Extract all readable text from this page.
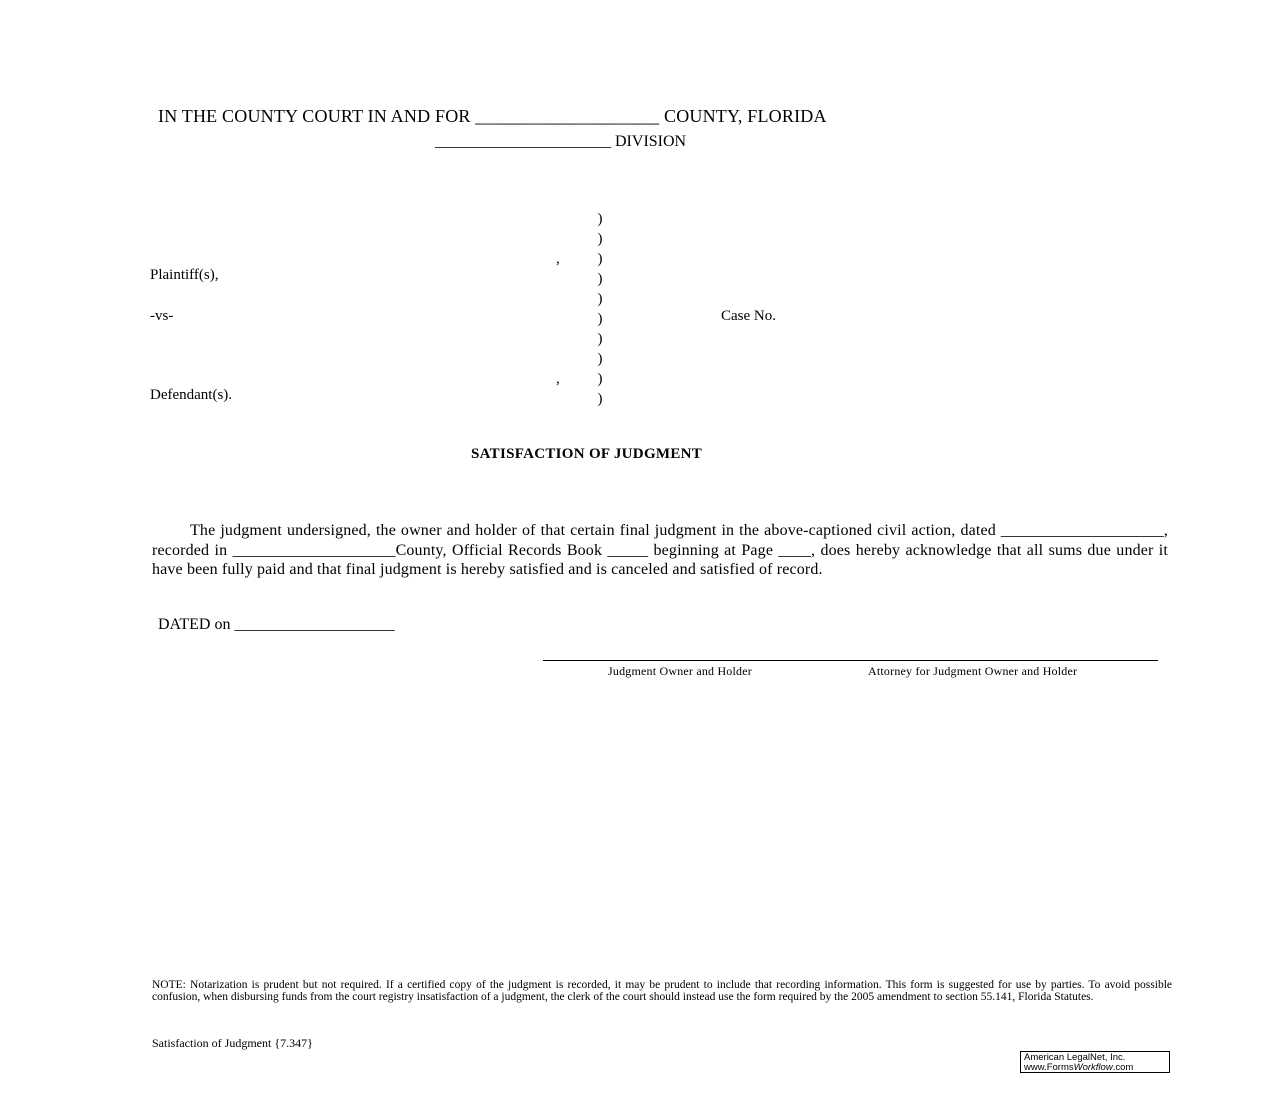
IN THE COUNTY COURT IN AND FOR ____________________ COUNTY, FLORIDA
______________________ DIVISION
Plaintiff(s),
-vs-
Defendant(s).
,
,
)
)
)
)
)
)
)
)
)
)
Case No.
SATISFACTION OF JUDGMENT
The judgment undersigned, the owner and holder of that certain final judgment in the above-captioned civil action, dated ____________________, recorded in ____________________County, Official Records Book _____ beginning at Page ____, does hereby acknowledge that all sums due under it have been fully paid and that final judgment is hereby satisfied and is canceled and satisfied of record.
DATED on ____________________
Judgment Owner and Holder	Attorney for Judgment Owner and Holder
NOTE: Notarization is prudent but not required. If a certified copy of the judgment is recorded, it may be prudent to include that recording information. This form is suggested for use by parties. To avoid possible confusion, when disbursing funds from the court registry insatisfaction of a judgment, the clerk of the court should instead use the form required by the 2005 amendment to section 55.141, Florida Statutes.
Satisfaction of Judgment {7.347}
American LegalNet, Inc.
www.FormsWorkflow.com
